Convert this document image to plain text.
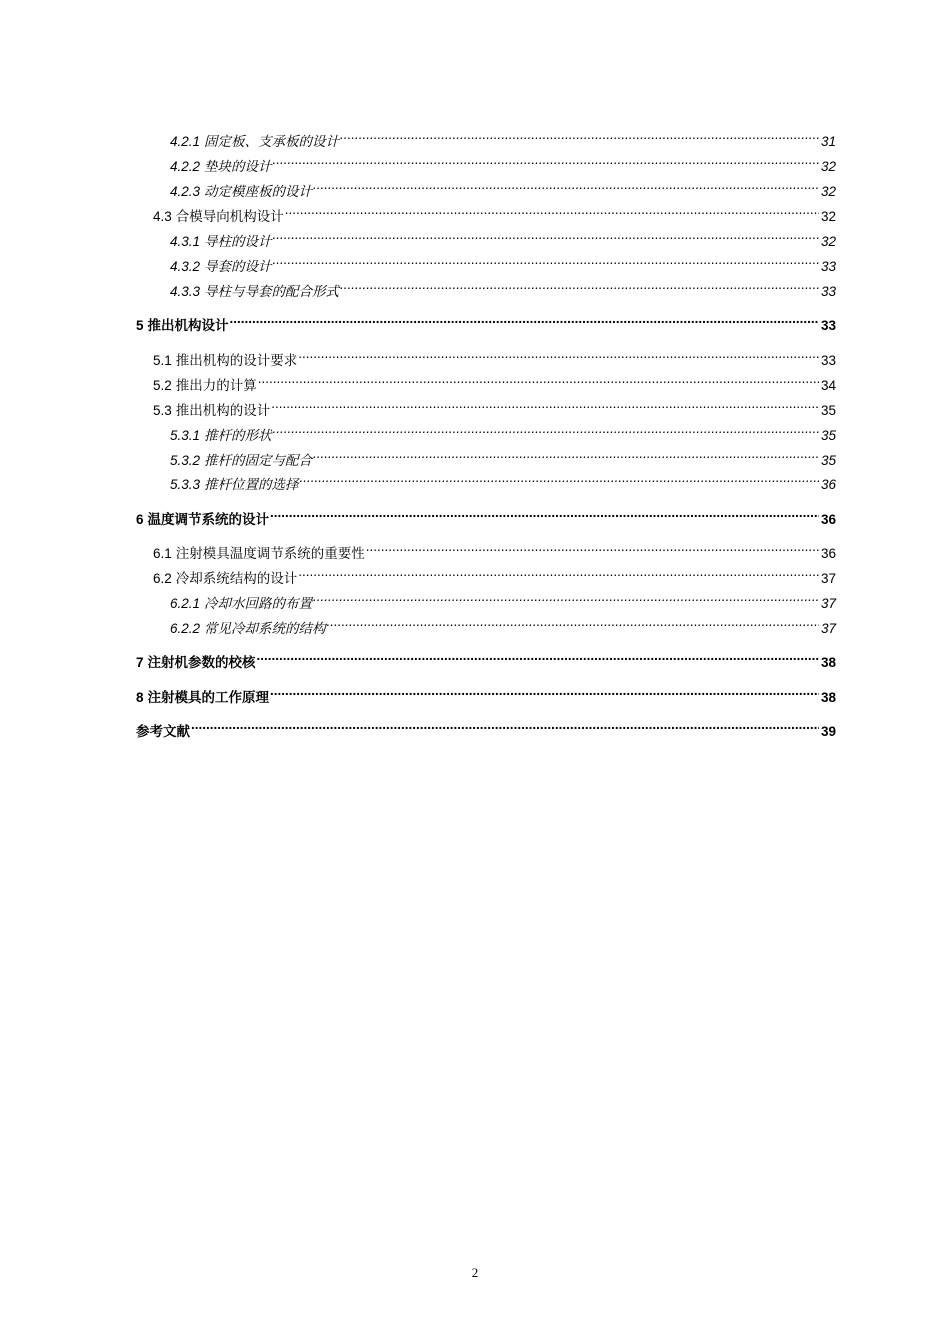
4.2.1 固定板、支承板的设计 .....	31
4.2.2 垫块的设计 .....	32
4.2.3 动定模座板的设计 .....	32
4.3 合模导向机构设计 .....	32
4.3.1 导柱的设计 .....	32
4.3.2 导套的设计 .....	33
4.3.3 导柱与导套的配合形式 .....	33
5 推出机构设计 .....	33
5.1 推出机构的设计要求 .....	33
5.2 推出力的计算 .....	34
5.3 推出机构的设计 .....	35
5.3.1 推杆的形状 .....	35
5.3.2 推杆的固定与配合 .....	35
5.3.3 推杆位置的选择 .....	36
6 温度调节系统的设计 .....	36
6.1 注射模具温度调节系统的重要性 .....	36
6.2 冷却系统结构的设计 .....	37
6.2.1 冷却水回路的布置 .....	37
6.2.2 常见冷却系统的结构 .....	37
7 注射机参数的校核 .....	38
8 注射模具的工作原理 .....	38
参考文献 .....	39
2
